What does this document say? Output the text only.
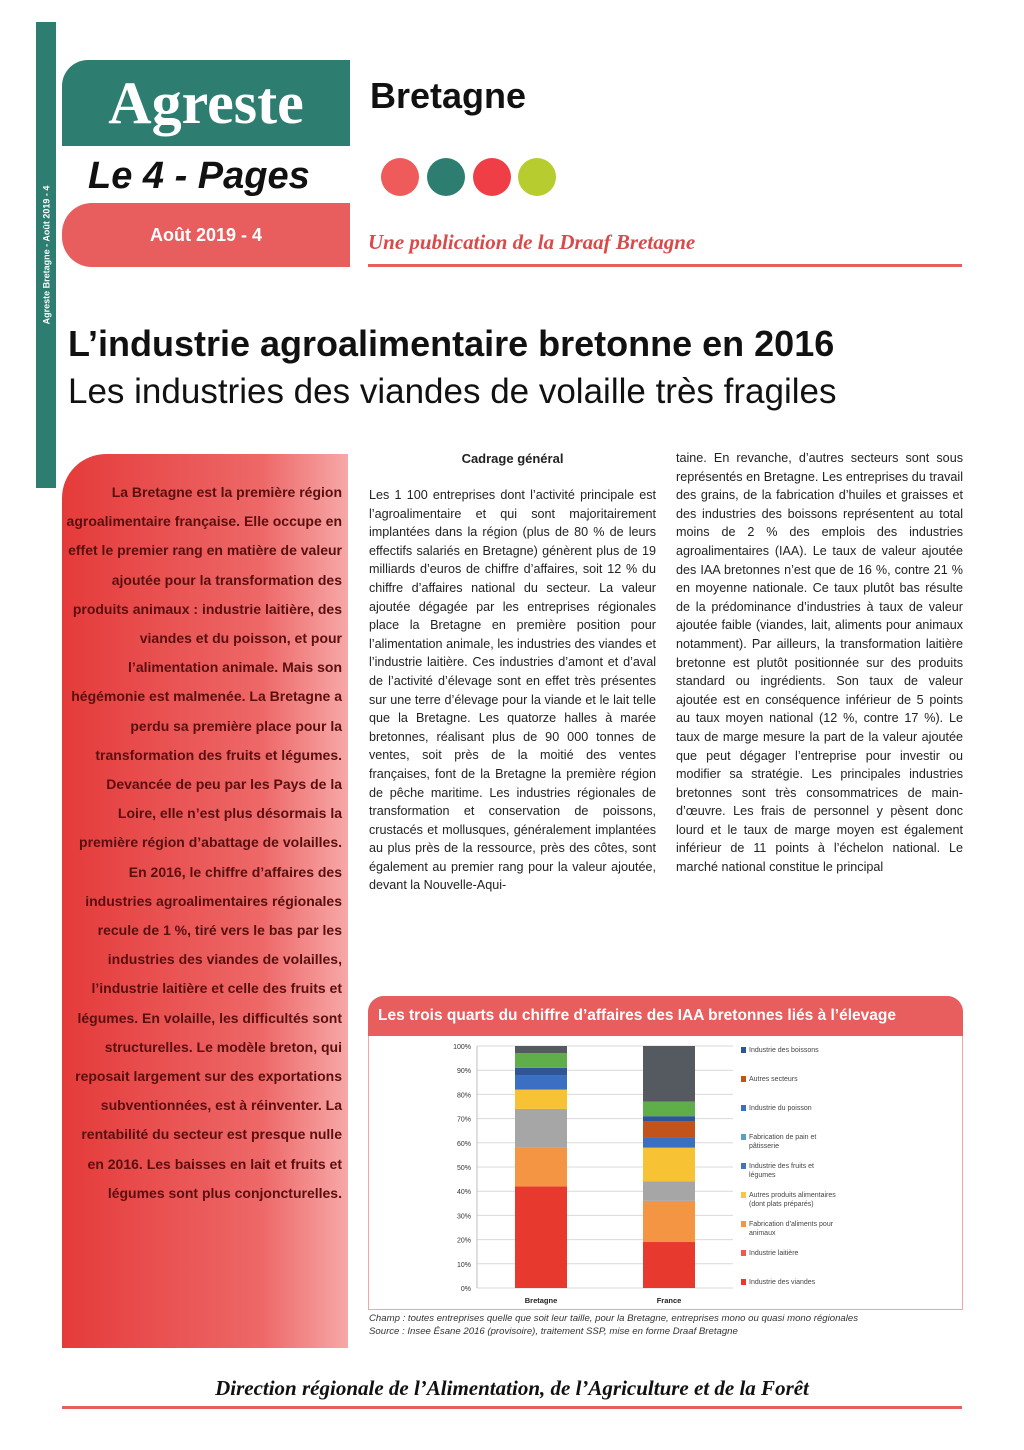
Agreste Bretagne - Août 2019 - 4
Agreste
Le 4 - Pages
Août 2019 - 4
Bretagne
Une publication de la Draaf Bretagne
L’industrie agroalimentaire bretonne en 2016
Les industries des viandes de volaille très fragiles

La Bretagne est la première région agroalimentaire française. Elle occupe en effet le premier rang en matière de valeur ajoutée pour la transformation des produits animaux : industrie laitière, des viandes et du poisson, et pour l’alimentation animale. Mais son hégémonie est malmenée. La Bretagne a perdu sa première place pour la transformation des fruits et légumes. Devancée de peu par les Pays de la Loire, elle n’est plus désormais la première région d’abattage de volailles.

En 2016, le chiffre d’affaires des industries agroalimentaires régionales recule de 1 %, tiré vers le bas par les industries des viandes de volailles, l’industrie laitière et celle des fruits et légumes. En volaille, les difficultés sont structurelles. Le modèle breton, qui reposait largement sur des exportations subventionnées, est à réinventer. La rentabilité du secteur est presque nulle en 2016. Les baisses en lait et fruits et légumes sont plus conjoncturelles.

Cadrage général

Les 1 100 entreprises dont l’activité principale est l’agroalimentaire et qui sont majoritairement implantées dans la région (plus de 80 % de leurs effectifs salariés en Bretagne) génèrent plus de 19 milliards d’euros de chiffre d’affaires, soit 12 % du chiffre d’affaires national du secteur. La valeur ajoutée dégagée par les entreprises régionales place la Bretagne en première position pour l’alimentation animale, les industries des viandes et l’industrie laitière. Ces industries d’amont et d’aval de l’activité d’élevage sont en effet très présentes sur une terre d’élevage pour la viande et le lait telle que la Bretagne. Les quatorze halles à marée bretonnes, réalisant plus de 90 000 tonnes de ventes, soit près de la moitié des ventes françaises, font de la Bretagne la première région de pêche maritime. Les industries régionales de transformation et conservation de poissons, crustacés et mollusques, généralement implantées au plus près de la ressource, près des côtes, sont également au premier rang pour la valeur ajoutée, devant la Nouvelle-Aqui-

taine. En revanche, d’autres secteurs sont sous représentés en Bretagne. Les entreprises du travail des grains, de la fabrication d’huiles et graisses et des industries des boissons représentent au total moins de 2 % des emplois des industries agroalimentaires (IAA). Le taux de valeur ajoutée des IAA bretonnes n’est que de 16 %, contre 21 % en moyenne nationale. Ce taux plutôt bas résulte de la prédominance d’industries à taux de valeur ajoutée faible (viandes, lait, aliments pour animaux notamment). Par ailleurs, la transformation laitière bretonne est plutôt positionnée sur des produits standard ou ingrédients. Son taux de valeur ajoutée est en conséquence inférieur de 5 points au taux moyen national (12 %, contre 17 %). Le taux de marge mesure la part de la valeur ajoutée que peut dégager l’entreprise pour investir ou modifier sa stratégie. Les principales industries bretonnes sont très consommatrices de main-d’œuvre. Les frais de personnel y pèsent donc lourd et le taux de marge moyen est également inférieur de 11 points à l’échelon national. Le marché national constitue le principal

Les trois quarts du chiffre d’affaires des IAA bretonnes liés à l’élevage
0%
10%
20%
30%
40%
50%
60%
70%
80%
90%
100%
Bretagne	France
Industrie des boissons
Autres secteurs
Industrie du poisson
Fabrication de pain et
pâtisserie
Industrie des fruits et
légumes
Autres produits alimentaires
(dont plats préparés)
Fabrication d’aliments pour
animaux
Industrie laitière
Industrie des viandes
Champ : toutes entreprises quelle que soit leur taille, pour la Bretagne, entreprises mono ou quasi mono régionales
Source : Insee Ésane 2016 (provisoire), traitement SSP, mise en forme Draaf Bretagne
Direction régionale de l’Alimentation, de l’Agriculture et de la Forêt
